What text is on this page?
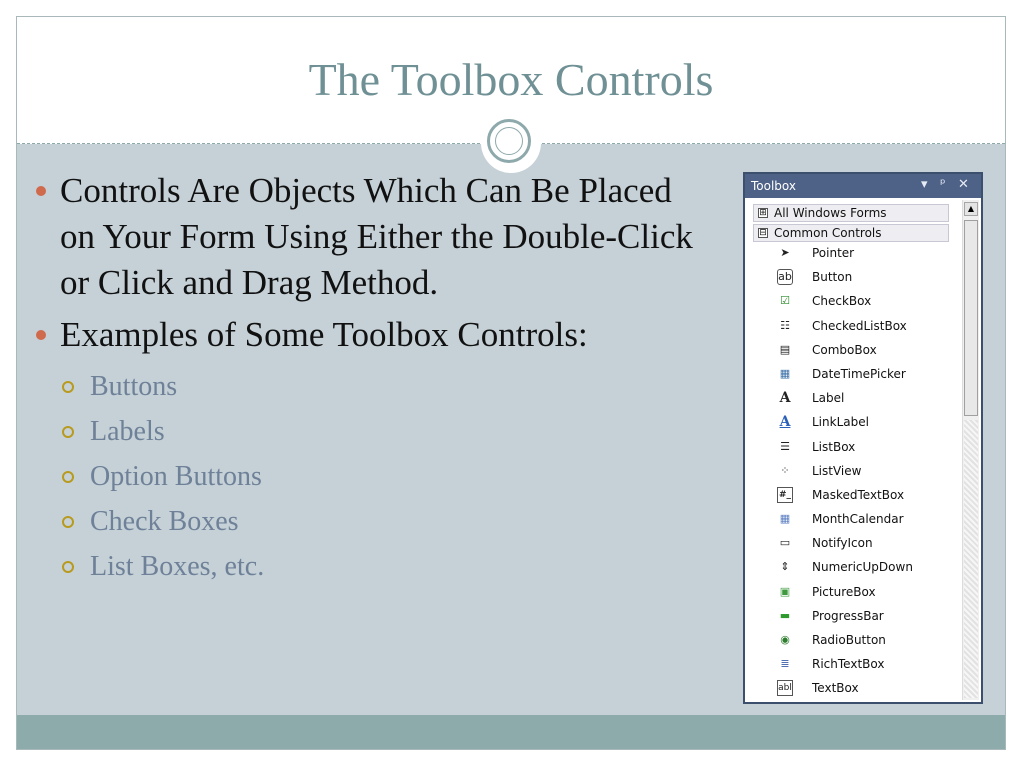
The Toolbox Controls
Controls Are Objects Which Can Be Placed on Your Form Using Either the Double-Click or Click and Drag Method.
Examples of Some Toolbox Controls:
Buttons
Labels
Option Buttons
Check Boxes
List Boxes, etc.
Toolbox	▾ ᵖ ✕
⊞ All Windows Forms
⊟ Common Controls
➤ Pointer
ab Button
☑ CheckBox
☷ CheckedListBox
▤ ComboBox
▦ DateTimePicker
A Label
A LinkLabel
☰ ListBox
⁘ ListView
#_ MaskedTextBox
▦ MonthCalendar
▭ NotifyIcon
⇕ NumericUpDown
▣ PictureBox
▬ ProgressBar
◉ RadioButton
≣ RichTextBox
abl TextBox
▲
